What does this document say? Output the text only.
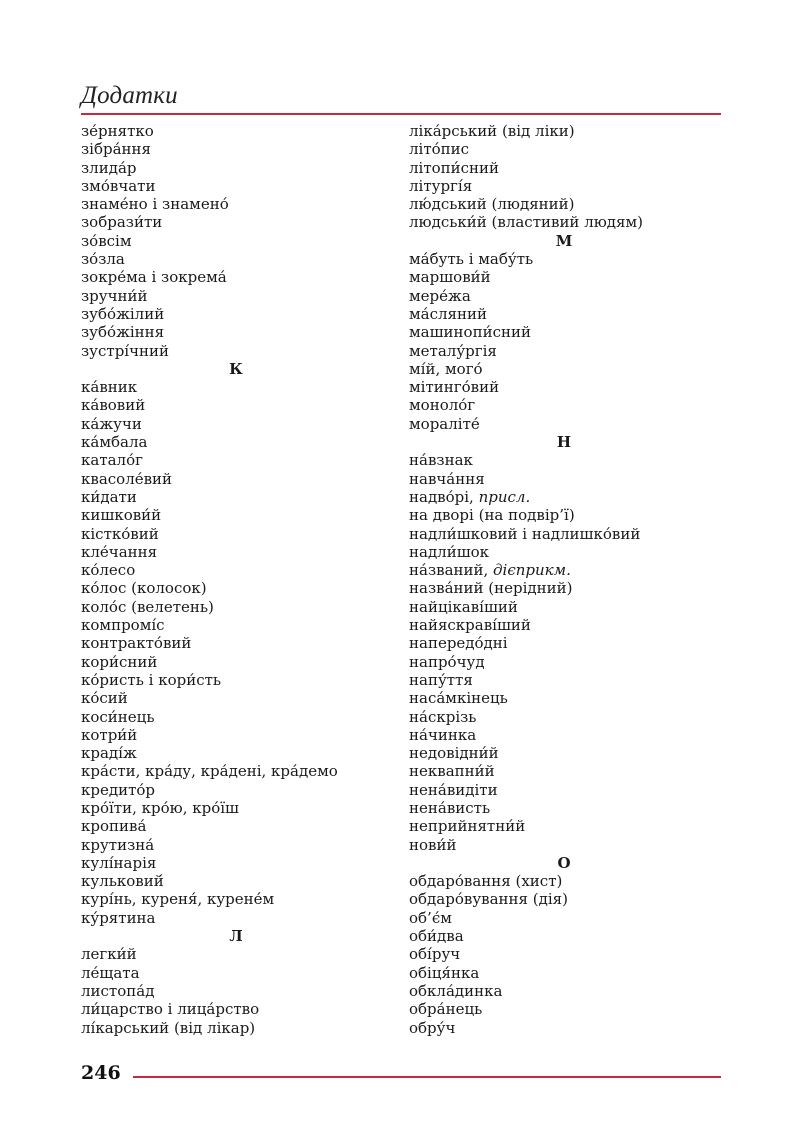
Додатки
зе́рнятко
зібра́ння
злида́р
змо́вчати
знаме́но і знамено́
зобрази́ти
зо́всім
зо́зла
зокре́ма і зокрема́
зручни́й
зубо́жілий
зубо́жіння
зустрі́чний
К
ка́вник
ка́вовий
ка́жучи
ка́мбала
катало́г
квасоле́вий
ки́дати
кишкови́й
кістко́вий
кле́чання
ко́лесо
ко́лос (колосок)
коло́с (велетень)
компромі́с
контракто́вий
кори́сний
ко́ристь і кори́сть
ко́сий
коси́нець
котри́й
краді́ж
кра́сти, кра́ду, кра́дені, кра́демо
кредито́р
кро́їти, кро́ю, кро́їш
кропива́
крутизна́
кулі́нарія
кульковий́
курі́нь, куреня́, курене́м
ку́рятина
Л
легки́й
ле́щата
листопа́д
ли́царство і лица́рство
лі́карський (від лікар)
ліка́рський (від ліки)
літо́пис
літопи́сний
літургі́я
лю́дський (людяний)
людськи́й (властивий людям)
М
ма́буть і мабу́ть
маршови́й
мере́жа
ма́сляний
машинопи́сний
металу́ргія
мі́й, мого́
мітинго́вий
моноло́г
мораліте́
Н
на́взнак
навча́ння
надво́рі, присл.
на дворі (на подвір’ї)
надли́шковий і надлишко́вий
надли́шок
на́званий, дієприкм.
назва́ний (нерідний)
найцікаві́ший
найяскраві́ший
напередо́дні
напро́чуд
напу́ття
наса́мкінець
на́скрізь
на́чинка
недовідни́й
неквапни́й
нена́видіти
нена́висть
неприйнятни́й
нови́й
О
обдаро́вання (хист)
обдаро́вування (дія)
об’є́м
оби́два
обі́руч
обіця́нка
обкла́динка
обра́нець
обру́ч
246
